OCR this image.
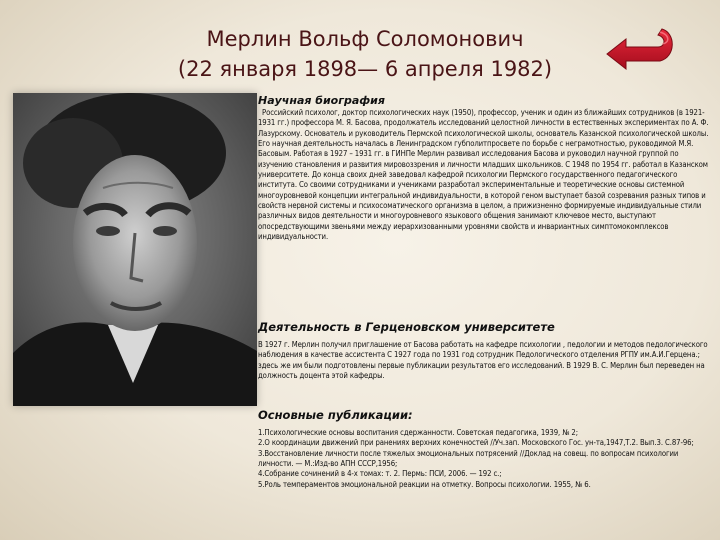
Мерлин Вольф Соломонович
(22 января 1898— 6 апреля 1982)
Научная биография
Российский психолог, доктор психологических наук (1950), профессор, ученик и один из ближайших сотрудников (в 1921-1931 гг.) профессора М. Я. Басова, продолжатель исследований целостной личности в естественных экспериментах по А. Ф. Лазурскому. Основатель и руководитель Пермской психологической школы, основатель Казанской психологической школы. Его научная деятельность началась в Ленинградском губполитпросвете по борьбе с неграмотностью, руководимой М.Я. Басовым. Работая в 1927 – 1931 гг. в ГИНПе Мерлин развивал исследования Басова и руководил научной группой по изучению становления и развития мировоззрения и личности младших школьников. С 1948 по 1954 гг. работал в Казанском университете. До конца своих дней заведовал кафедрой психологии Пермского государственного педагогического института. Со своими сотрудниками и учениками разработал экспериментальные и теоретические основы системной многоуровневой концепции интегральной индивидуальности, в которой геном выступает базой созревания разных типов и свойств нервной системы и психосоматического организма в целом, а прижизненно формируемые индивидуальные стили различных видов деятельности и многоуровневого языкового общения занимают ключевое место, выступают опосредствующими звеньями между иерархизованными уровнями свойств и инвариантных симптомокомплексов индивидуальности.
Деятельность в Герценовском университете
В 1927 г. Мерлин получил приглашение от Басова работать на кафедре психологии , педологии и методов педологического наблюдения в качестве ассистента С 1927 года по 1931 год сотрудник Педологического отделения РГПУ им.А.И.Герцена.; здесь же им были подготовлены первые публикации результатов его исследований. В 1929 В. С. Мерлин был переведен на должность доцента этой кафедры.
Основные публикации:
1.Психологические основы воспитания сдержанности. Советская педагогика, 1939, № 2;
2.О координации движений при ранениях верхних конечностей //Уч.зап. Московского Гос. ун-та,1947,Т.2. Вып.3. С.87-96;
3.Восстановление личности после тяжелых эмоциональных потрясений //Доклад на совещ. по вопросам психологии личности. — М.:Изд-во АПН СССР,1956;
4.Собрание сочинений в 4-х томах: т. 2. Пермь: ПСИ, 2006. — 192 с.;
5.Роль темпераментов эмоциональной реакции на отметку. Вопросы психологии. 1955, № 6.
